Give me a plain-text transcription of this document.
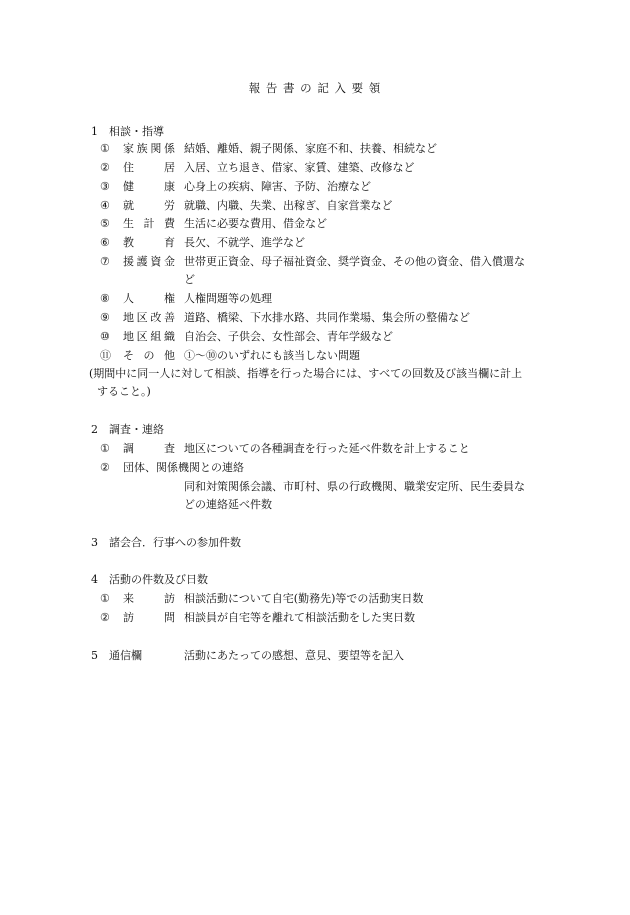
報 告 書 の 記 入 要 領
1　相談・指導
① 家族関係 結婚、離婚、親子関係、家庭不和、扶養、相続など
② 住居 入居、立ち退き、借家、家賃、建築、改修など
③ 健康 心身上の疾病、障害、予防、治療など
④ 就労 就職、内職、失業、出稼ぎ、自家営業など
⑤ 生計費 生活に必要な費用、借金など
⑥ 教育 長欠、不就学、進学など
⑦ 援護資金 世帯更正資金、母子福祉資金、奨学資金、その他の資金、借入償還な
ど
⑧ 人権 人権問題等の処理
⑨ 地区改善 道路、橋梁、下水排水路、共同作業場、集会所の整備など
⑩ 地区組織 自治会、子供会、女性部会、青年学級など
⑪ その他 ①～⑩のいずれにも該当しない問題
(期間中に同一人に対して相談、指導を行った場合には、すべての回数及び該当欄に計上
すること。)
2　調査・連絡
① 調査 地区についての各種調査を行った延べ件数を計上すること
② 団体、関係機関との連絡
同和対策関係会議、市町村、県の行政機関、職業安定所、民生委員な
どの連絡延べ件数
3　諸会合．行事への参加件数
4　活動の件数及び日数
① 来訪 相談活動について自宅(勤務先)等での活動実日数
② 訪問 相談員が自宅等を離れて相談活動をした実日数
5　通信欄	活動にあたっての感想、意見、要望等を記入
